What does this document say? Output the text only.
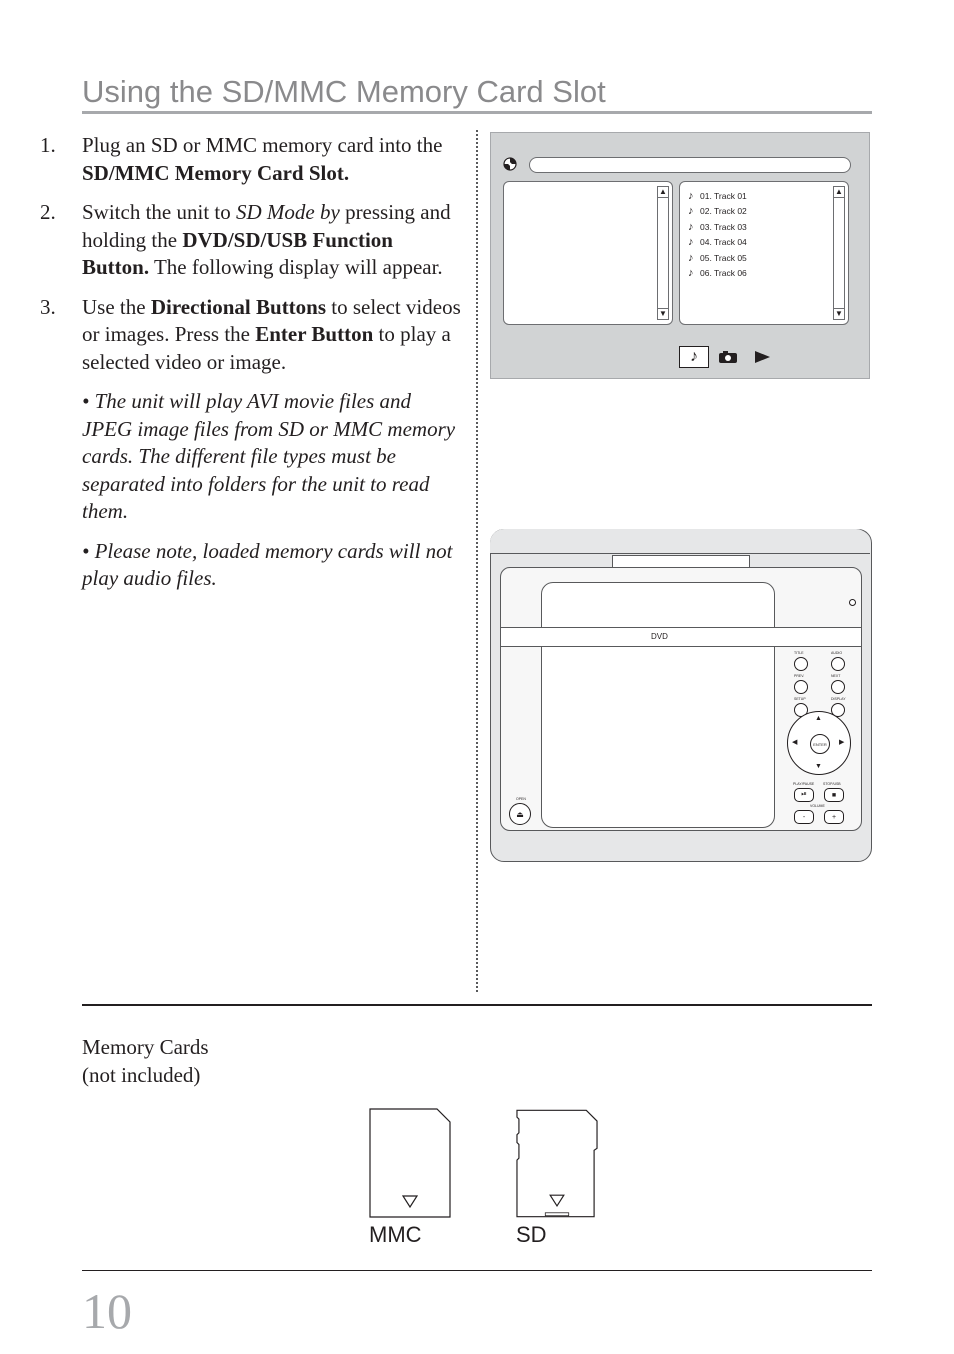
Using the SD/MMC Memory Card Slot
1.	Plug an SD or MMC memory card into the SD/MMC Memory Card Slot.
2.	Switch the unit to SD Mode by pressing and holding the DVD/SD/USB Function Button. The following display will appear.
3.	Use the Directional Buttons to select videos or images. Press the Enter Button to play a selected video or image.
• The unit will play AVI movie files and JPEG image files from SD or MMC memory cards. The different file types must be separated into folders for the unit to read them.
• Please note, loaded memory cards will not play audio files.
▲
▼
♪ 01. Track 01
♪ 02. Track 02
♪ 03. Track 03
♪ 04. Track 04
♪ 05. Track 05
♪ 06. Track 06
▲
▼
♪
DVD
TITLE	AUDIO
PREV.	NEXT
SETUP	DISPLAY
▲
▼
◀	▶
ENTER
PLAY/PAUSE
⏯
STOP/USB
■
VOLUME
-	+
OPEN
⏏
Memory Cards
(not included)
MMC	SD
10
